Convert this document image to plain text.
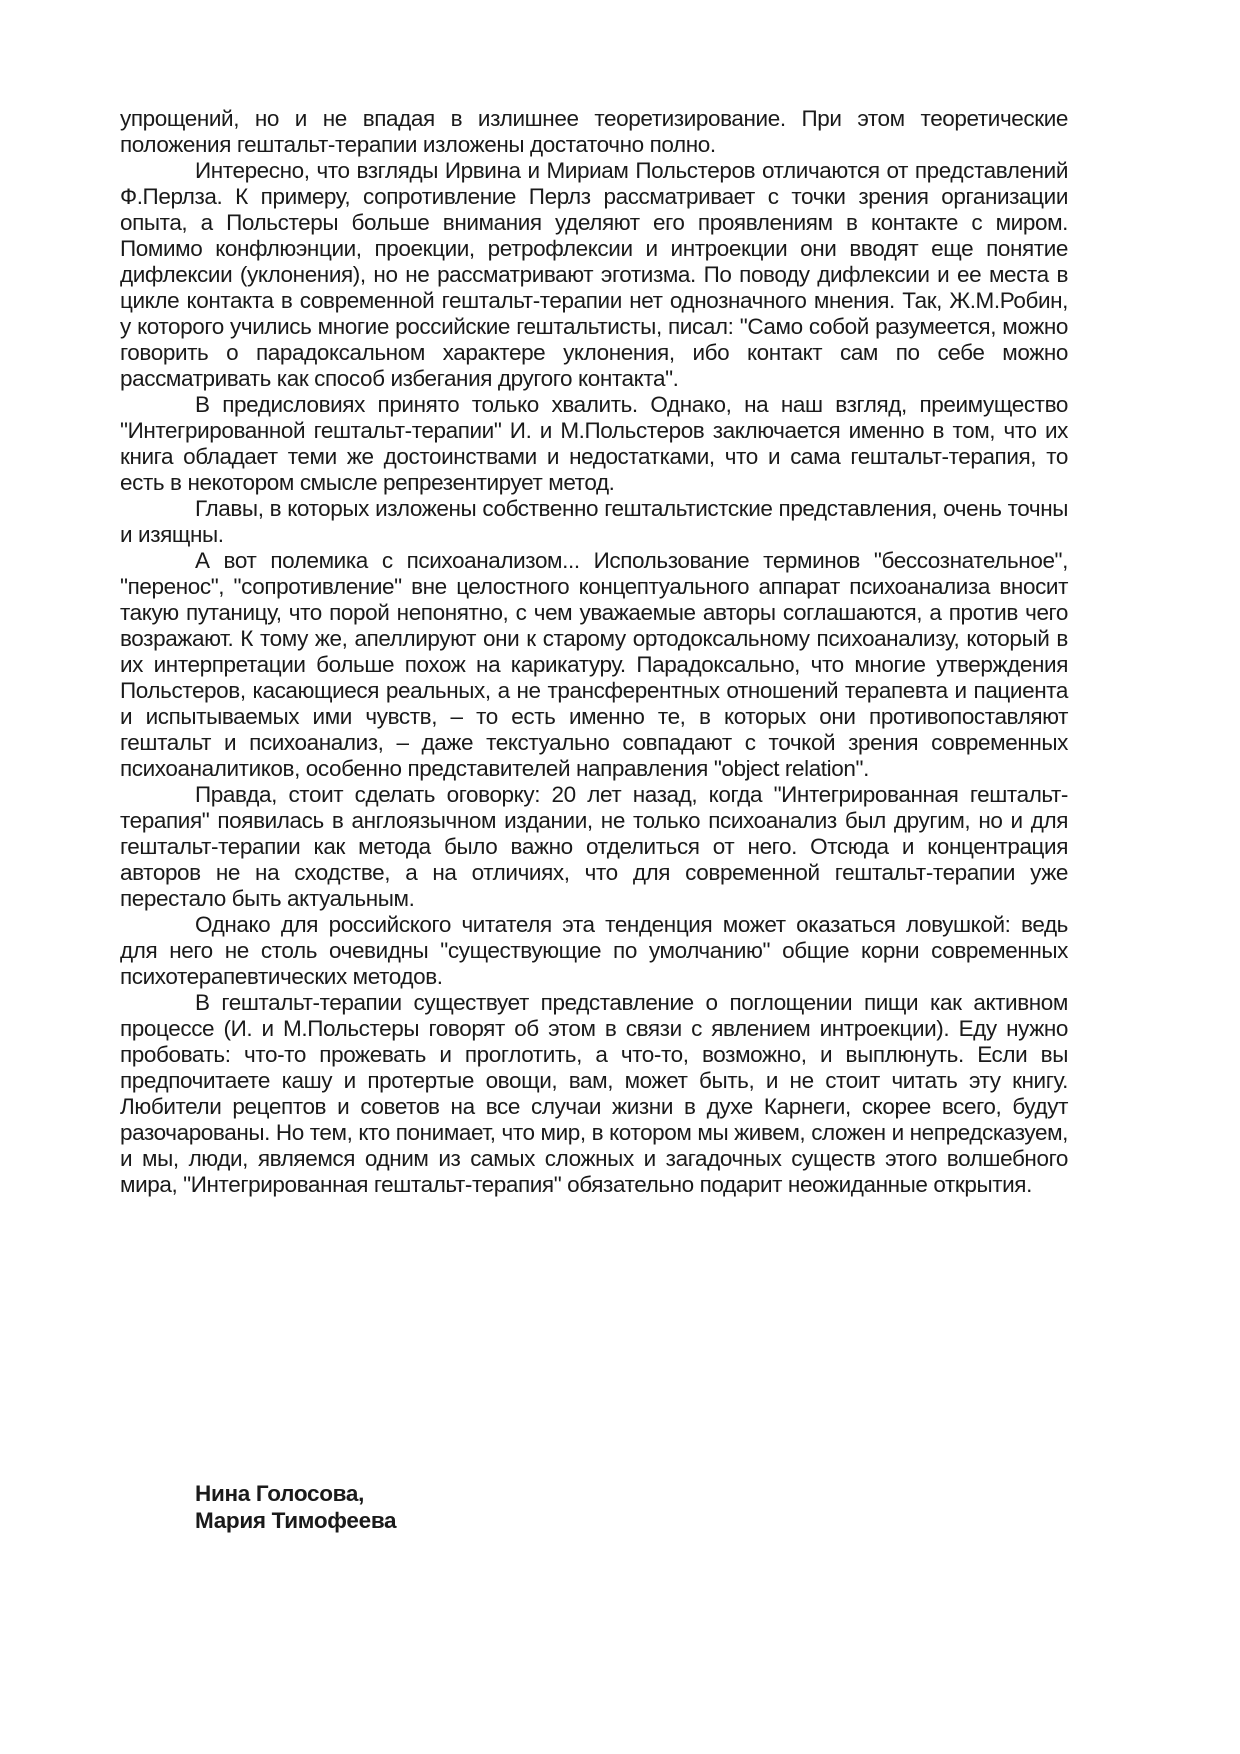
упрощений, но и не впадая в излишнее теоретизирование. При этом теоретические положения гештальт-терапии изложены достаточно полно.

Интересно, что взгляды Ирвина и Мириам Польстеров отличаются от представлений Ф.Перлза. К примеру, сопротивление Перлз рассматривает с точки зрения организации опыта, а Польстеры больше внимания уделяют его проявлениям в контакте с миром. Помимо конфлюэнции, проекции, ретрофлексии и интроекции они вводят еще понятие дифлексии (уклонения), но не рассматривают эготизма. По поводу дифлексии и ее места в цикле контакта в современной гештальт-терапии нет однозначного мнения. Так, Ж.М.Робин, у которого учились многие российские гештальтисты, писал: "Само собой разумеется, можно говорить о парадоксальном характере уклонения, ибо контакт сам по себе можно рассматривать как способ избегания другого контакта".

В предисловиях принято только хвалить. Однако, на наш взгляд, преимущество "Интегрированной гештальт-терапии" И. и М.Польстеров заключается именно в том, что их книга обладает теми же достоинствами и недостатками, что и сама гештальт-терапия, то есть в некотором смысле репрезентирует метод.

Главы, в которых изложены собственно гештальтистские представления, очень точны и изящны.

А вот полемика с психоанализом... Использование терминов "бессознательное", "перенос", "сопротивление" вне целостного концептуального аппарат психоанализа вносит такую путаницу, что порой непонятно, с чем уважаемые авторы соглашаются, а против чего возражают. К тому же, апеллируют они к старому ортодоксальному психоанализу, который в их интерпретации больше похож на карикатуру. Парадоксально, что многие утверждения Польстеров, касающиеся реальных, а не трансферентных отношений терапевта и пациента и испытываемых ими чувств, – то есть именно те, в которых они противопоставляют гештальт и психоанализ, – даже текстуально совпадают с точкой зрения современных психоаналитиков, особенно представителей направления "object relation".

Правда, стоит сделать оговорку: 20 лет назад, когда "Интегрированная гештальт-терапия" появилась в англоязычном издании, не только психоанализ был другим, но и для гештальт-терапии как метода было важно отделиться от него. Отсюда и концентрация авторов не на сходстве, а на отличиях, что для современной гештальт-терапии уже перестало быть актуальным.

Однако для российского читателя эта тенденция может оказаться ловушкой: ведь для него не столь очевидны "существующие по умолчанию" общие корни современных психотерапевтических методов.

В гештальт-терапии существует представление о поглощении пищи как активном процессе (И. и М.Польстеры говорят об этом в связи с явлением интроекции). Еду нужно пробовать: что-то прожевать и проглотить, а что-то, возможно, и выплюнуть. Если вы предпочитаете кашу и протертые овощи, вам, может быть, и не стоит читать эту книгу. Любители рецептов и советов на все случаи жизни в духе Карнеги, скорее всего, будут разочарованы. Но тем, кто понимает, что мир, в котором мы живем, сложен и непредсказуем, и мы, люди, являемся одним из самых сложных и загадочных существ этого волшебного мира, "Интегрированная гештальт-терапия" обязательно подарит неожиданные открытия.

Нина Голосова,
Мария Тимофеева
